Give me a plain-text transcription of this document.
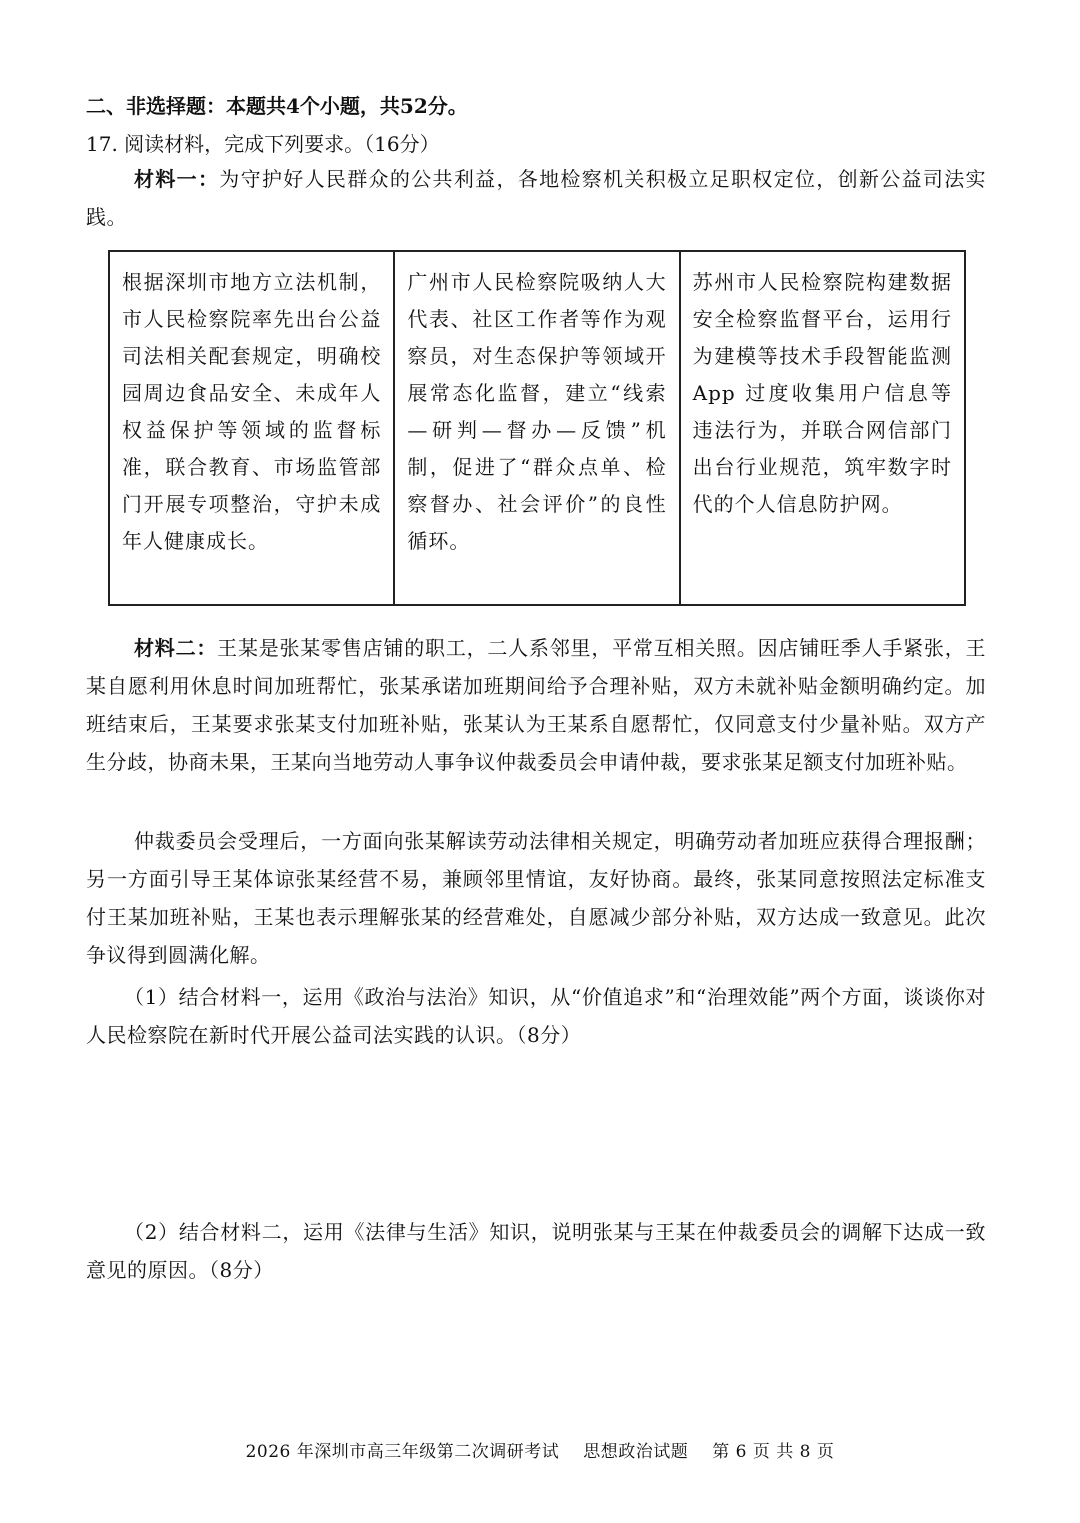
二、非选择题：本题共4个小题，共52分。
17. 阅读材料，完成下列要求。（16分）
材料一：为守护好人民群众的公共利益，各地检察机关积极立足职权定位，创新公益司法实践。
根据深圳市地方立法机制，市人民检察院率先出台公益司法相关配套规定，明确校园周边食品安全、未成年人权益保护等领域的监督标准，联合教育、市场监管部门开展专项整治，守护未成年人健康成长。	广州市人民检察院吸纳人大代表、社区工作者等作为观察员，对生态保护等领域开展常态化监督，建立“线索—研判—督办—反馈”机制，促进了“群众点单、检察督办、社会评价”的良性循环。	苏州市人民检察院构建数据安全检察监督平台，运用行为建模等技术手段智能监测 App 过度收集用户信息等违法行为，并联合网信部门出台行业规范，筑牢数字时代的个人信息防护网。
材料二：王某是张某零售店铺的职工，二人系邻里，平常互相关照。因店铺旺季人手紧张，王某自愿利用休息时间加班帮忙，张某承诺加班期间给予合理补贴，双方未就补贴金额明确约定。加班结束后，王某要求张某支付加班补贴，张某认为王某系自愿帮忙，仅同意支付少量补贴。双方产生分歧，协商未果，王某向当地劳动人事争议仲裁委员会申请仲裁，要求张某足额支付加班补贴。
仲裁委员会受理后，一方面向张某解读劳动法律相关规定，明确劳动者加班应获得合理报酬；另一方面引导王某体谅张某经营不易，兼顾邻里情谊，友好协商。最终，张某同意按照法定标准支付王某加班补贴，王某也表示理解张某的经营难处，自愿减少部分补贴，双方达成一致意见。此次争议得到圆满化解。
（1）结合材料一，运用《政治与法治》知识，从“价值追求”和“治理效能”两个方面，谈谈你对人民检察院在新时代开展公益司法实践的认识。（8分）
（2）结合材料二，运用《法律与生活》知识，说明张某与王某在仲裁委员会的调解下达成一致意见的原因。（8分）
2026 年深圳市高三年级第二次调研考试 思想政治试题 第 6 页 共 8 页
